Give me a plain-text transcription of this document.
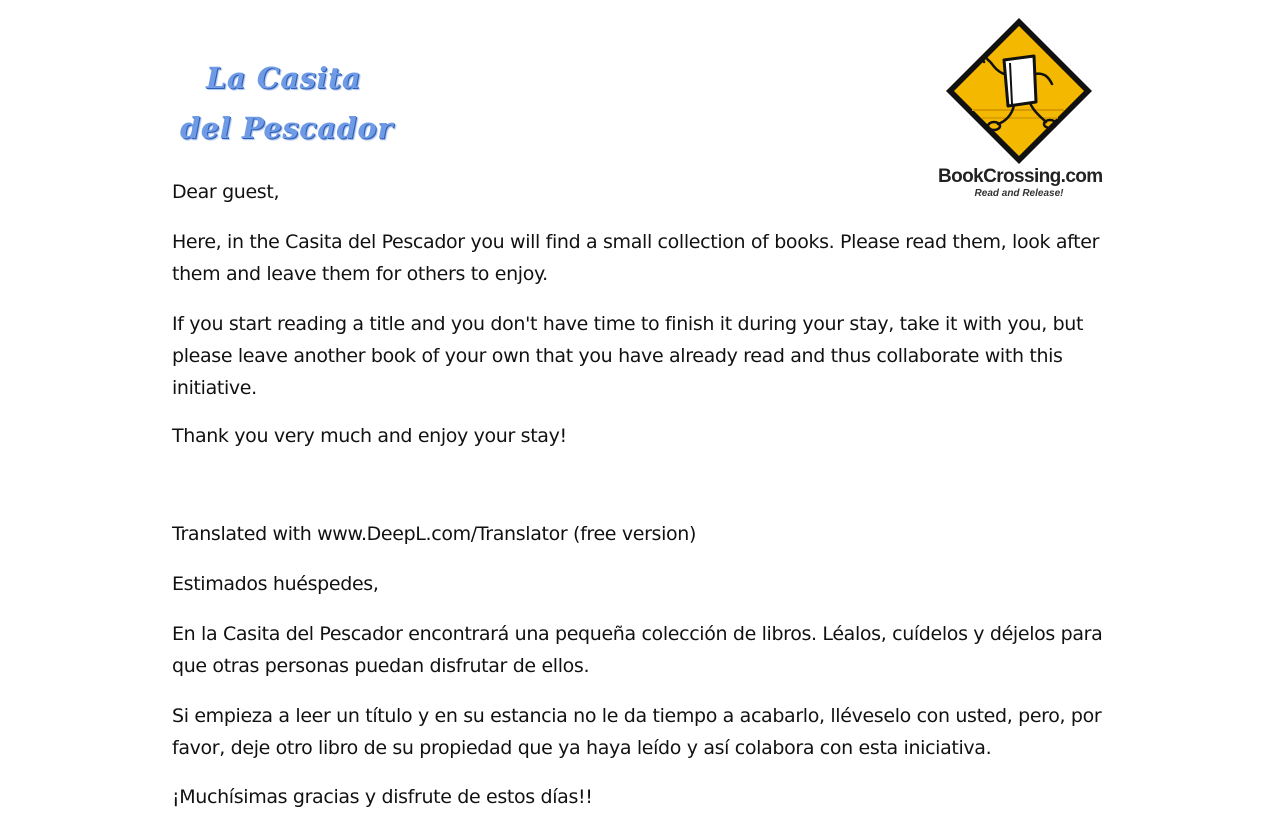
La Casita
del Pescador
BookCrossing.com
Read and Release!

Dear guest,

Here, in the Casita del Pescador you will find a small collection of books. Please read them, look after them and leave them for others to enjoy.

If you start reading a title and you don't have time to finish it during your stay, take it with you, but please leave another book of your own that you have already read and thus collaborate with this initiative.

Thank you very much and enjoy your stay!

Translated with www.DeepL.com/Translator (free version)

Estimados huéspedes,

En la Casita del Pescador encontrará una pequeña colección de libros. Léalos, cuídelos y déjelos para que otras personas puedan disfrutar de ellos.

Si empieza a leer un título y en su estancia no le da tiempo a acabarlo, lléveselo con usted, pero, por favor, deje otro libro de su propiedad que ya haya leído y así colabora con esta iniciativa.

¡Muchísimas gracias y disfrute de estos días!!
